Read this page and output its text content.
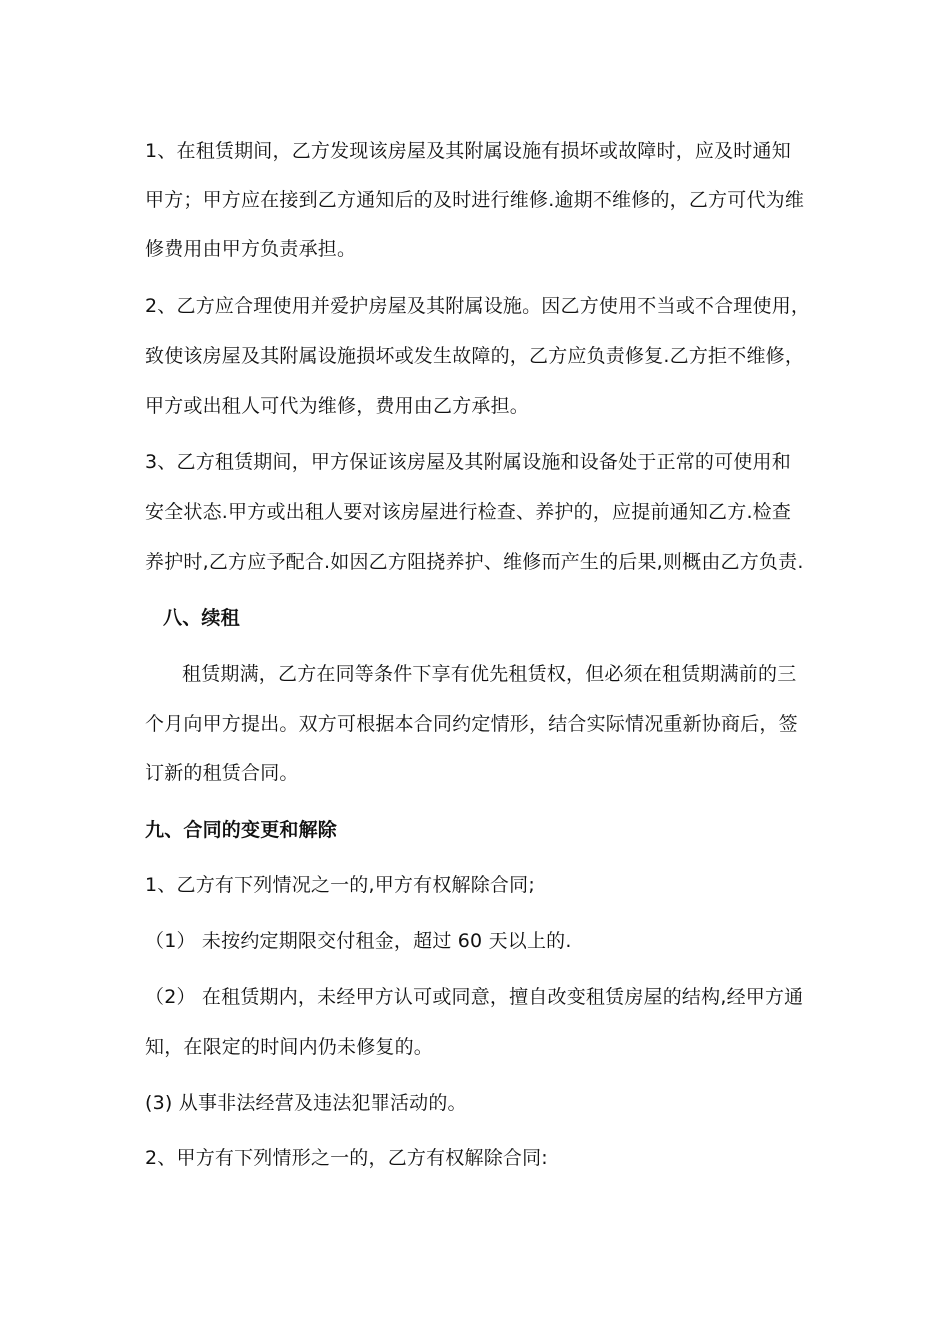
1、在租赁期间，乙方发现该房屋及其附属设施有损坏或故障时，应及时通知
甲方；甲方应在接到乙方通知后的及时进行维修.逾期不维修的，乙方可代为维
修费用由甲方负责承担。
2、乙方应合理使用并爱护房屋及其附属设施。因乙方使用不当或不合理使用，
致使该房屋及其附属设施损坏或发生故障的，乙方应负责修复.乙方拒不维修，
甲方或出租人可代为维修，费用由乙方承担。
3、乙方租赁期间，甲方保证该房屋及其附属设施和设备处于正常的可使用和
安全状态.甲方或出租人要对该房屋进行检查、养护的，应提前通知乙方.检查
养护时,乙方应予配合.如因乙方阻挠养护、维修而产生的后果,则概由乙方负责.
八、续租
租赁期满，乙方在同等条件下享有优先租赁权，但必须在租赁期满前的三
个月向甲方提出。双方可根据本合同约定情形，结合实际情况重新协商后，签
订新的租赁合同。
九、合同的变更和解除
1、乙方有下列情况之一的,甲方有权解除合同;
（1） 未按约定期限交付租金，超过 60 天以上的.
（2） 在租赁期内，未经甲方认可或同意，擅自改变租赁房屋的结构,经甲方通
知，在限定的时间内仍未修复的。
(3) 从事非法经营及违法犯罪活动的。
2、甲方有下列情形之一的，乙方有权解除合同:
